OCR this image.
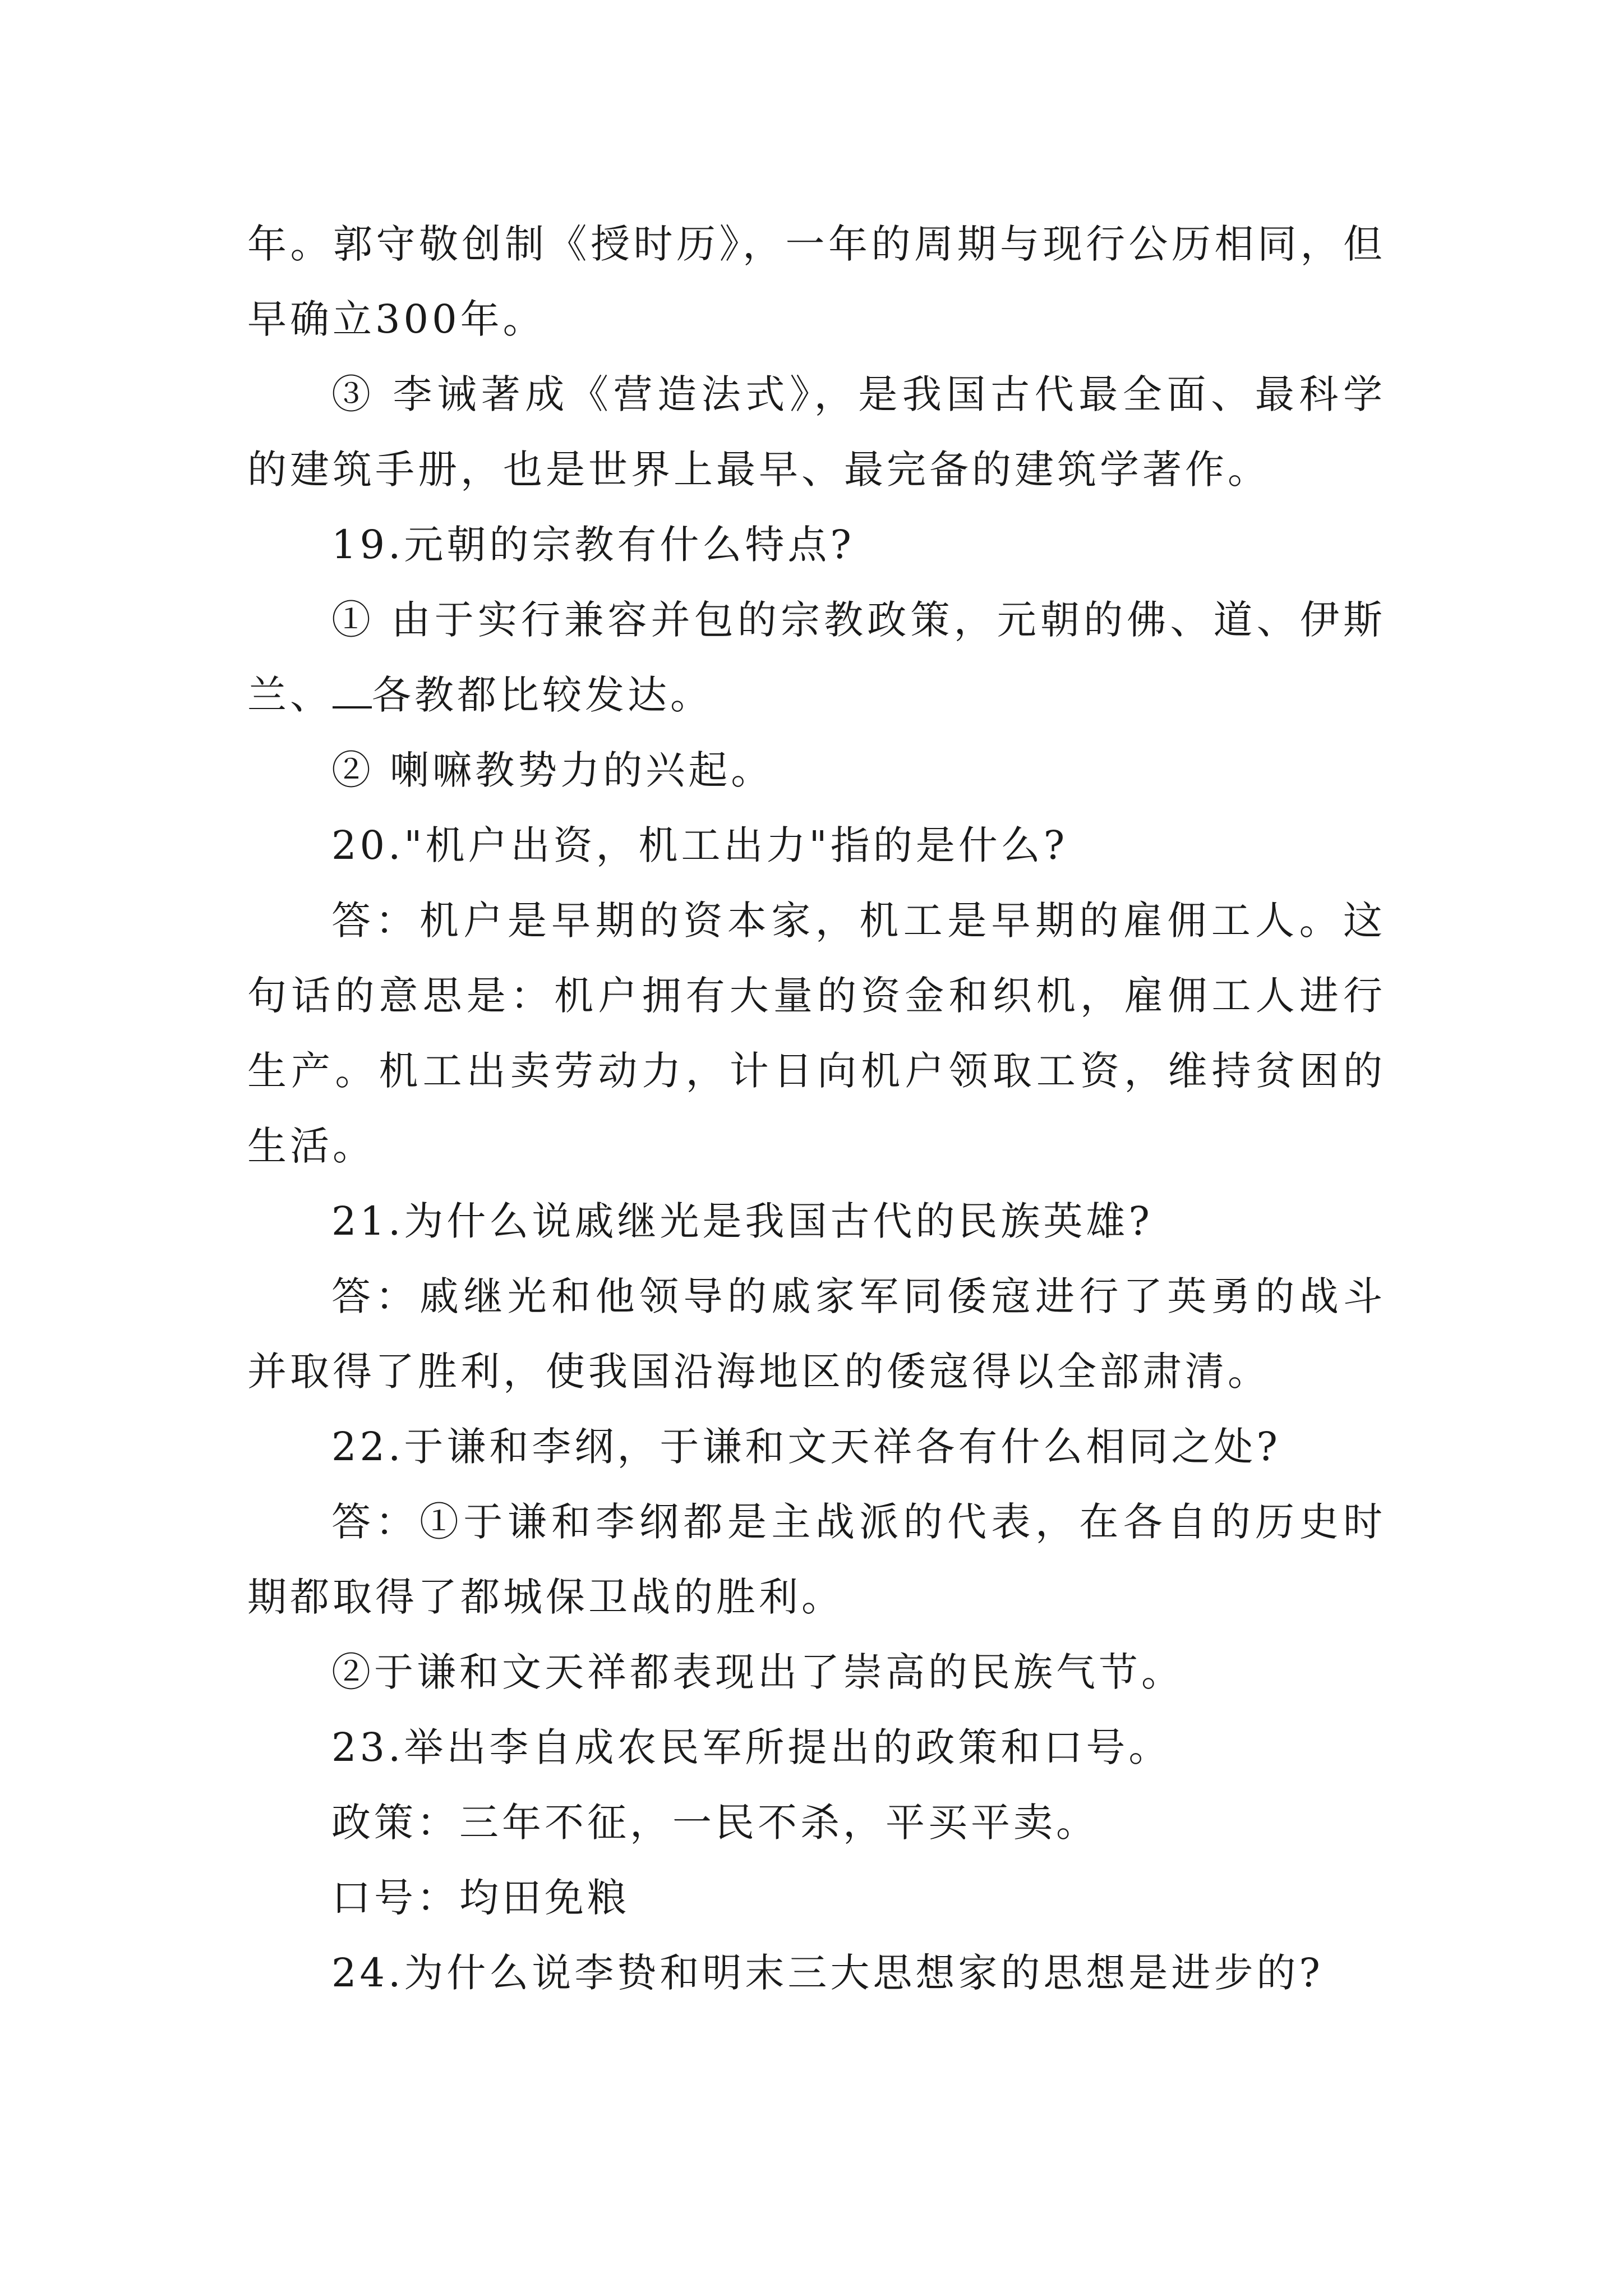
年。郭守敬创制《授时历》，一年的周期与现行公历相同，但早确立300年。

③ 李诫著成《营造法式》，是我国古代最全面、最科学的建筑手册，也是世界上最早、最完备的建筑学著作。

19.元朝的宗教有什么特点?

① 由于实行兼容并包的宗教政策，元朝的佛、道、伊斯兰、 各教都比较发达。

② 喇嘛教势力的兴起。

20."机户出资，机工出力"指的是什么?

答：机户是早期的资本家，机工是早期的雇佣工人。这句话的意思是：机户拥有大量的资金和织机，雇佣工人进行生产。机工出卖劳动力，计日向机户领取工资，维持贫困的生活。

21.为什么说戚继光是我国古代的民族英雄?

答：戚继光和他领导的戚家军同倭寇进行了英勇的战斗并取得了胜利，使我国沿海地区的倭寇得以全部肃清。

22.于谦和李纲，于谦和文天祥各有什么相同之处?

答：①于谦和李纲都是主战派的代表，在各自的历史时期都取得了都城保卫战的胜利。

②于谦和文天祥都表现出了崇高的民族气节。

23.举出李自成农民军所提出的政策和口号。

政策：三年不征，一民不杀，平买平卖。

口号：均田免粮

24.为什么说李贽和明末三大思想家的思想是进步的?
